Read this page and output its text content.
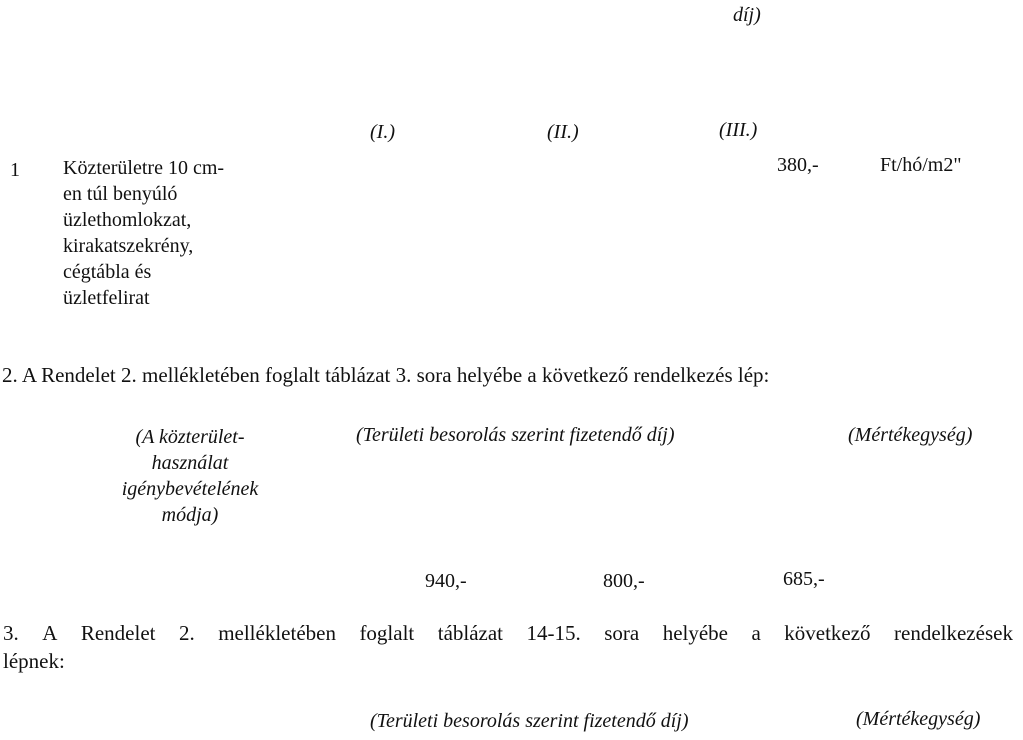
díj)
(I.)	(II.)	(III.)
1 Közterületre 10 cm-
en túl benyúló
üzlethomlokzat,
kirakatszekrény,
cégtábla és
üzletfelirat
380,-	Ft/hó/m2"
2. A Rendelet 2. mellékletében foglalt táblázat 3. sora helyébe a következő rendelkezés lép:
(A közterület-
használat
igénybevételének
módja)
(Területi besorolás szerint fizetendő díj)	(Mértékegység)
940,-	800,-	685,-
3. A Rendelet 2. mellékletében foglalt táblázat 14-15. sora helyébe a következő rendelkezések
lépnek:
(Területi besorolás szerint fizetendő díj)	(Mértékegység)
